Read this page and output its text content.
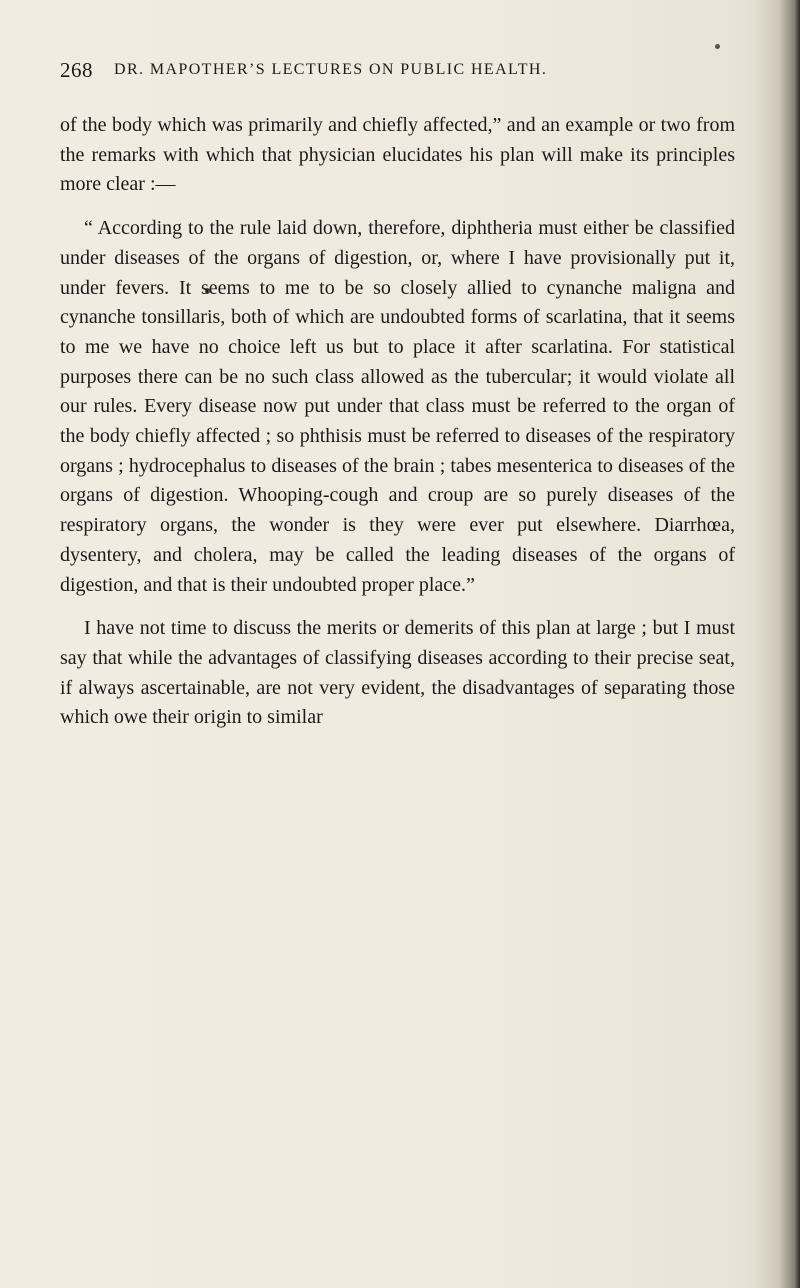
268 DR. MAPOTHER’S LECTURES ON PUBLIC HEALTH.

of the body which was primarily and chiefly affected,” and an example or two from the remarks with which that physician elucidates his plan will make its principles more clear :—

“ According to the rule laid down, therefore, diphtheria must either be classified under diseases of the organs of digestion, or, where I have provisionally put it, under fevers. It seems to me to be so closely allied to cynanche maligna and cynanche tonsillaris, both of which are undoubted forms of scarlatina, that it seems to me we have no choice left us but to place it after scarlatina. For statistical purposes there can be no such class allowed as the tubercular; it would violate all our rules. Every disease now put under that class must be referred to the organ of the body chiefly affected ; so phthisis must be referred to diseases of the respiratory organs ; hydrocephalus to diseases of the brain ; tabes mesenterica to diseases of the organs of digestion. Whooping-cough and croup are so purely diseases of the respiratory organs, the wonder is they were ever put elsewhere. Diarrhœa, dysentery, and cholera, may be called the leading diseases of the organs of digestion, and that is their undoubted proper place.”

I have not time to discuss the merits or demerits of this plan at large ; but I must say that while the advantages of classifying diseases according to their precise seat, if always ascertainable, are not very evident, the disadvantages of separating those which owe their origin to similar
